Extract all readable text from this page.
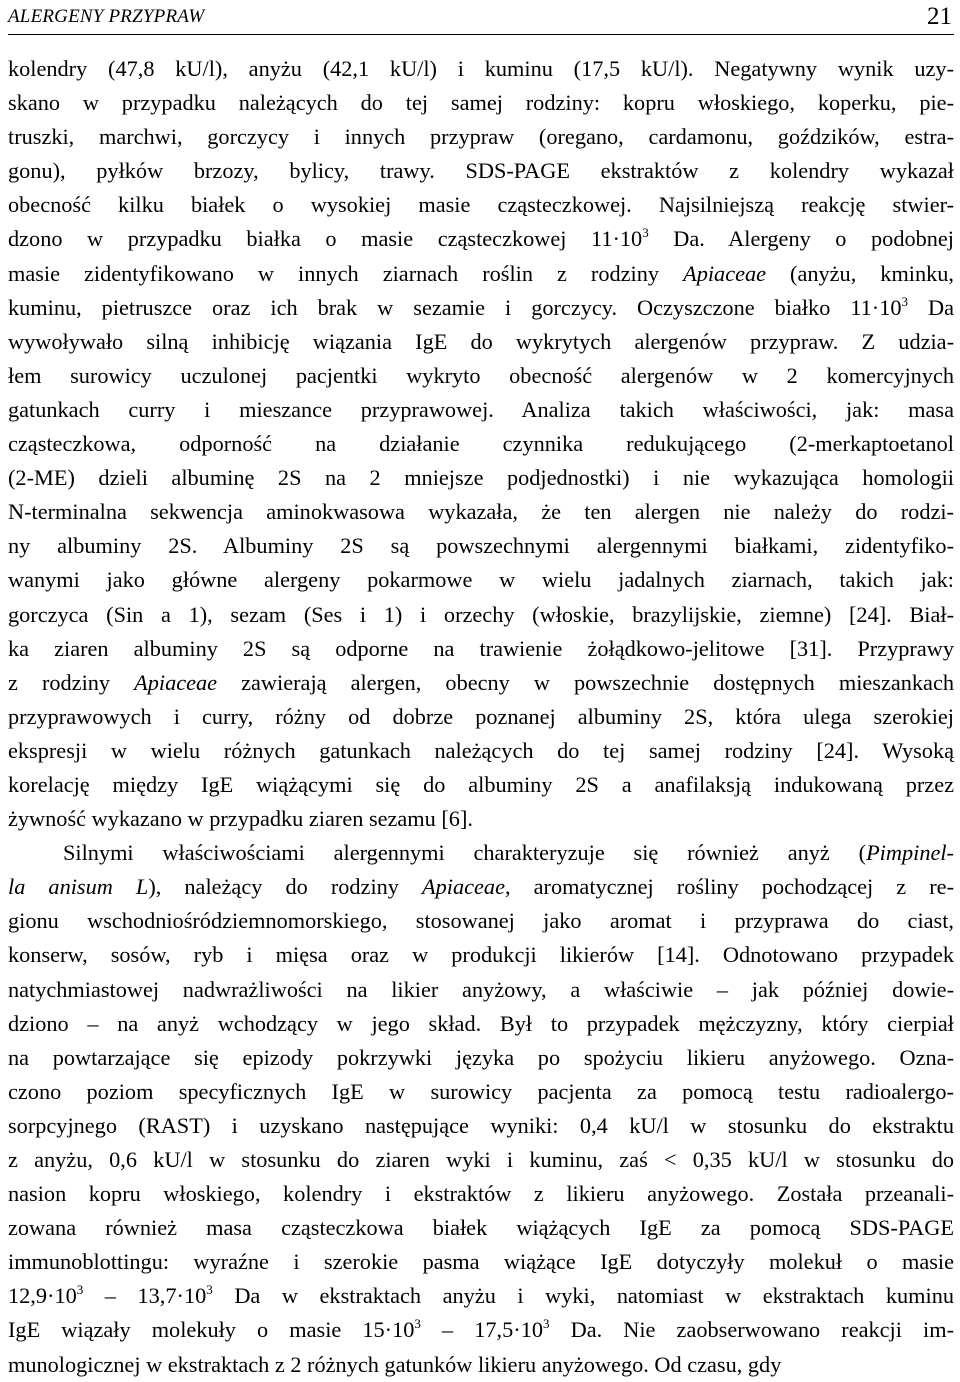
ALERGENY PRZYPRAW	21
kolendry (47,8 kU/l), anyżu (42,1 kU/l) i kuminu (17,5 kU/l). Negatywny wynik uzy-
skano w przypadku należących do tej samej rodziny: kopru włoskiego, koperku, pie-
truszki, marchwi, gorczycy i innych przypraw (oregano, cardamonu, goździków, estra-
gonu), pyłków brzozy, bylicy, trawy. SDS-PAGE ekstraktów z kolendry wykazał
obecność kilku białek o wysokiej masie cząsteczkowej. Najsilniejszą reakcję stwier-
dzono w przypadku białka o masie cząsteczkowej $11\cdot 10^3$ Da. Alergeny o podobnej
masie zidentyfikowano w innych ziarnach roślin z rodziny Apiaceae (anyżu, kminku,
kuminu, pietruszce oraz ich brak w sezamie i gorczycy. Oczyszczone białko $11\cdot 10^3$ Da
wywoływało silną inhibicję wiązania IgE do wykrytych alergenów przypraw. Z udzia-
łem surowicy uczulonej pacjentki wykryto obecność alergenów w 2 komercyjnych
gatunkach curry i mieszance przyprawowej. Analiza takich właściwości, jak: masa
cząsteczkowa, odporność na działanie czynnika redukującego (2-merkaptoetanol
(2-ME) dzieli albuminę 2S na 2 mniejsze podjednostki) i nie wykazująca homologii
N-terminalna sekwencja aminokwasowa wykazała, że ten alergen nie należy do rodzi-
ny albuminy 2S. Albuminy 2S są powszechnymi alergennymi białkami, zidentyfiko-
wanymi jako główne alergeny pokarmowe w wielu jadalnych ziarnach, takich jak:
gorczyca (Sin a 1), sezam (Ses i 1) i orzechy (włoskie, brazylijskie, ziemne) [24]. Biał-
ka ziaren albuminy 2S są odporne na trawienie żołądkowo-jelitowe [31]. Przyprawy
z rodziny Apiaceae zawierają alergen, obecny w powszechnie dostępnych mieszankach
przyprawowych i curry, różny od dobrze poznanej albuminy 2S, która ulega szerokiej
ekspresji w wielu różnych gatunkach należących do tej samej rodziny [24]. Wysoką
korelację między IgE wiążącymi się do albuminy 2S a anafilaksją indukowaną przez
żywność wykazano w przypadku ziaren sezamu [6].
Silnymi właściwościami alergennymi charakteryzuje się również anyż (Pimpinel-
la anisum L), należący do rodziny Apiaceae, aromatycznej rośliny pochodzącej z re-
gionu wschodniośródziemnomorskiego, stosowanej jako aromat i przyprawa do ciast,
konserw, sosów, ryb i mięsa oraz w produkcji likierów [14]. Odnotowano przypadek
natychmiastowej nadwrażliwości na likier anyżowy, a właściwie – jak później dowie-
dziono – na anyż wchodzący w jego skład. Był to przypadek mężczyzny, który cierpiał
na powtarzające się epizody pokrzywki języka po spożyciu likieru anyżowego. Ozna-
czono poziom specyficznych IgE w surowicy pacjenta za pomocą testu radioalergo-
sorpcyjnego (RAST) i uzyskano następujące wyniki: 0,4 kU/l w stosunku do ekstraktu
z anyżu, 0,6 kU/l w stosunku do ziaren wyki i kuminu, zaś < 0,35 kU/l w stosunku do
nasion kopru włoskiego, kolendry i ekstraktów z likieru anyżowego. Została przeanali-
zowana również masa cząsteczkowa białek wiążących IgE za pomocą SDS-PAGE
immunoblottingu: wyraźne i szerokie pasma wiążące IgE dotyczyły molekuł o masie
$12,9\cdot 10^3 - 13,7\cdot 10^3$ Da w ekstraktach anyżu i wyki, natomiast w ekstraktach kuminu
IgE wiązały molekuły o masie $15\cdot 10^3 - 17,5\cdot 10^3$ Da. Nie zaobserwowano reakcji im-
munologicznej w ekstraktach z 2 różnych gatunków likieru anyżowego. Od czasu, gdy
